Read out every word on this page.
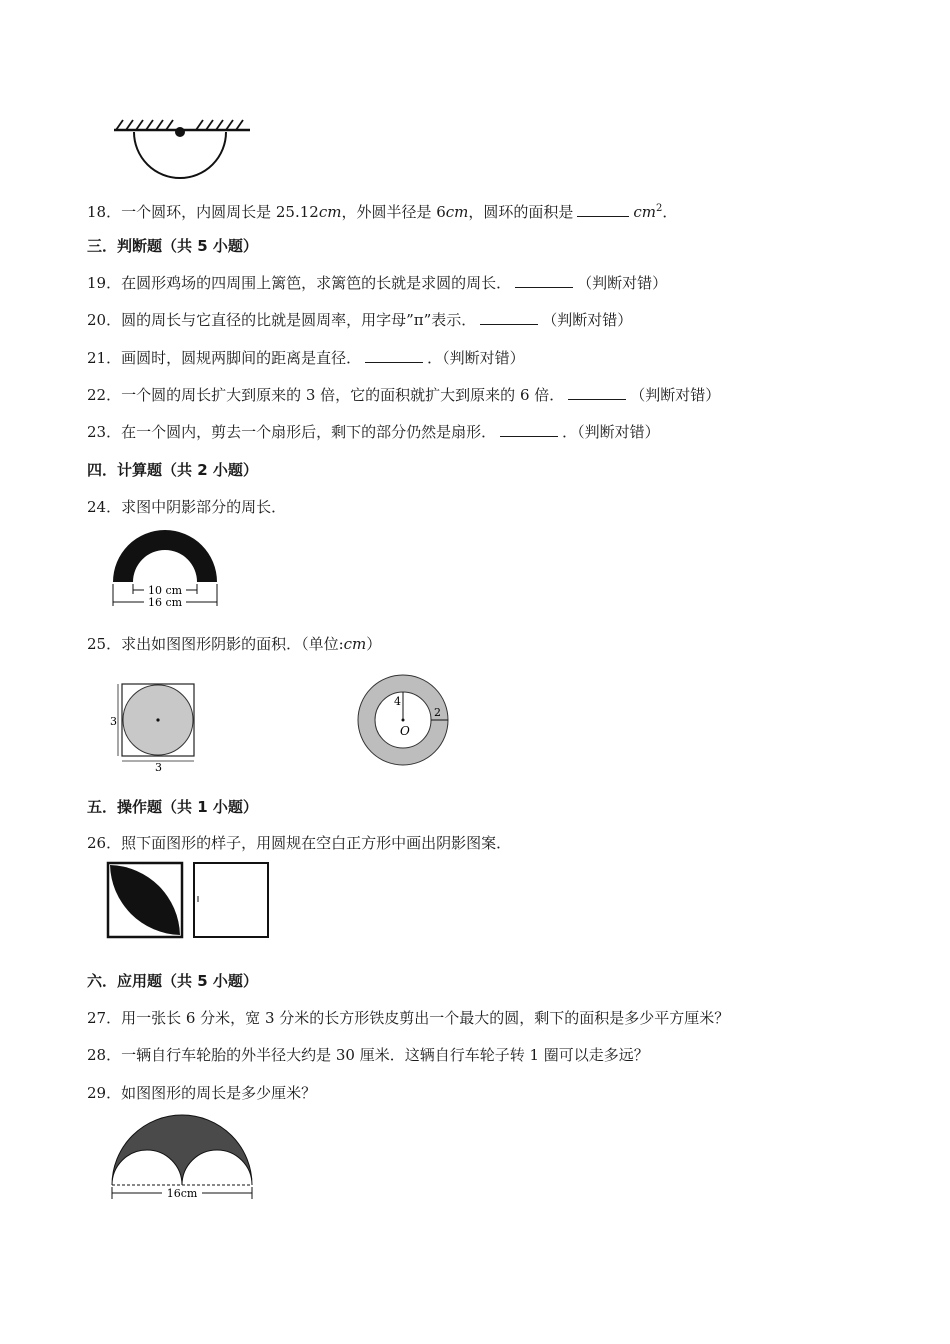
18．一个圆环，内圆周长是 25.12cm，外圆半径是 6cm，圆环的面积是	$cm^2$．
三．判断题（共 5 小题）
19．在圆形鸡场的四周围上篱笆，求篱笆的长就是求圆的周长．	（判断对错）
20．圆的周长与它直径的比就是圆周率，用字母”π”表示．	（判断对错）
21．画圆时，圆规两脚间的距离是直径．	．（判断对错）
22．一个圆的周长扩大到原来的 3 倍，它的面积就扩大到原来的 6 倍．	（判断对错）
23．在一个圆内，剪去一个扇形后，剩下的部分仍然是扇形．	．（判断对错）
四．计算题（共 2 小题）
24．求图中阴影部分的周长．
10 cm
16 cm
25．求出如图图形阴影的面积．（单位:cm）
3
3
4
2
O
五．操作题（共 1 小题）
26．照下面图形的样子，用圆规在空白正方形中画出阴影图案．
六．应用题（共 5 小题）
27．用一张长 6 分米，宽 3 分米的长方形铁皮剪出一个最大的圆，剩下的面积是多少平方厘米？
28．一辆自行车轮胎的外半径大约是 30 厘米．这辆自行车轮子转 1 圈可以走多远？
29．如图图形的周长是多少厘米？
16cm
